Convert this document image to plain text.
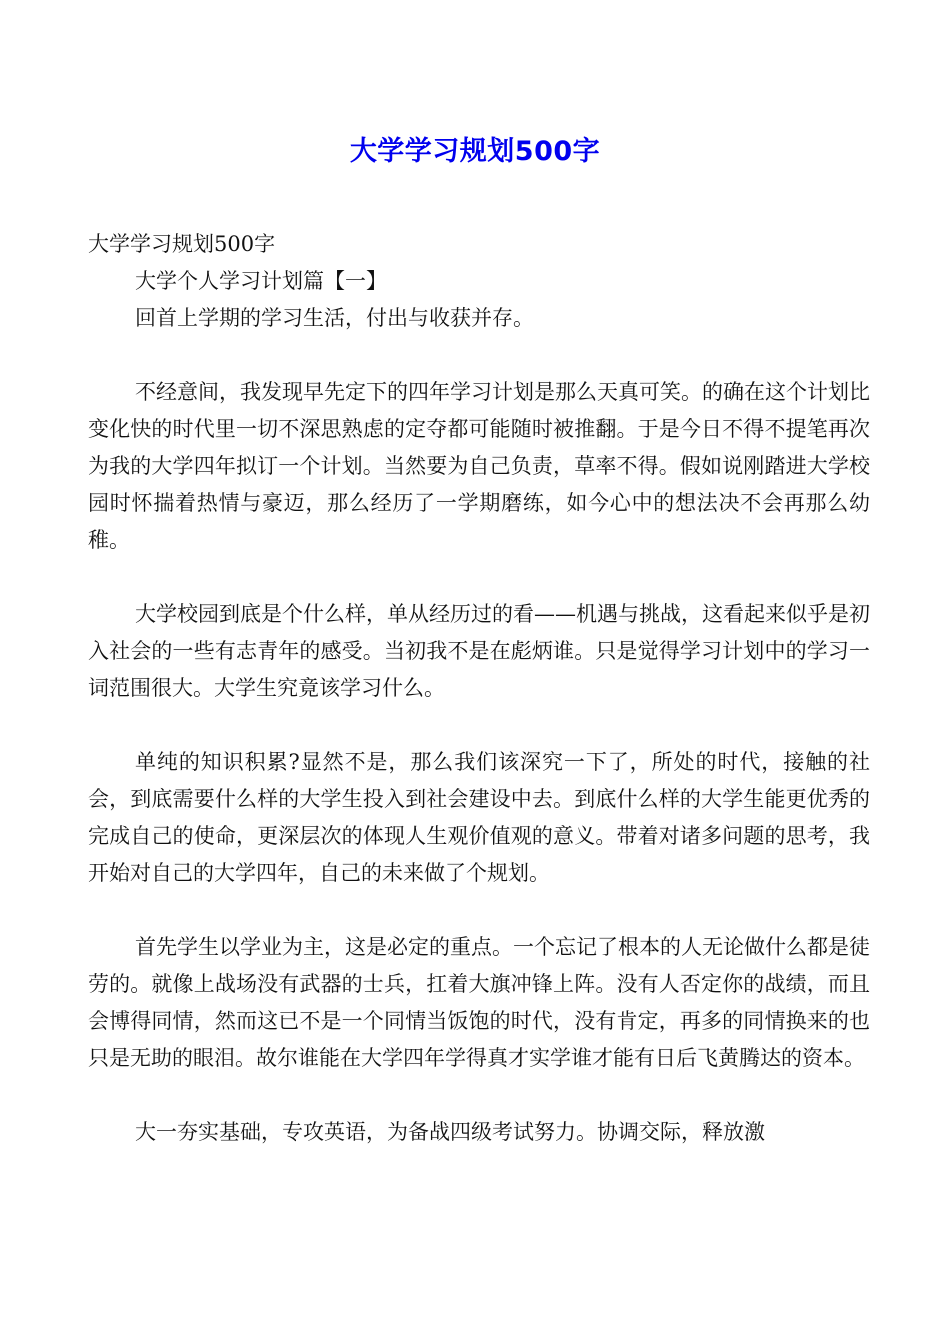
大学学习规划500字

大学学习规划500字

大学个人学习计划篇【一】

回首上学期的学习生活，付出与收获并存。

不经意间，我发现早先定下的四年学习计划是那么天真可笑。的确在这个计划比变化快的时代里一切不深思熟虑的定夺都可能随时被推翻。于是今日不得不提笔再次为我的大学四年拟订一个计划。当然要为自己负责，草率不得。假如说刚踏进大学校园时怀揣着热情与豪迈，那么经历了一学期磨练，如今心中的想法决不会再那么幼稚。

大学校园到底是个什么样，单从经历过的看——机遇与挑战，这看起来似乎是初入社会的一些有志青年的感受。当初我不是在彪炳谁。只是觉得学习计划中的学习一词范围很大。大学生究竟该学习什么。

单纯的知识积累?显然不是，那么我们该深究一下了，所处的时代，接触的社会，到底需要什么样的大学生投入到社会建设中去。到底什么样的大学生能更优秀的完成自己的使命，更深层次的体现人生观价值观的意义。带着对诸多问题的思考，我开始对自己的大学四年，自己的未来做了个规划。

首先学生以学业为主，这是必定的重点。一个忘记了根本的人无论做什么都是徒劳的。就像上战场没有武器的士兵，扛着大旗冲锋上阵。没有人否定你的战绩，而且会博得同情，然而这已不是一个同情当饭饱的时代，没有肯定，再多的同情换来的也只是无助的眼泪。故尔谁能在大学四年学得真才实学谁才能有日后飞黄腾达的资本。

大一夯实基础，专攻英语，为备战四级考试努力。协调交际，释放激
